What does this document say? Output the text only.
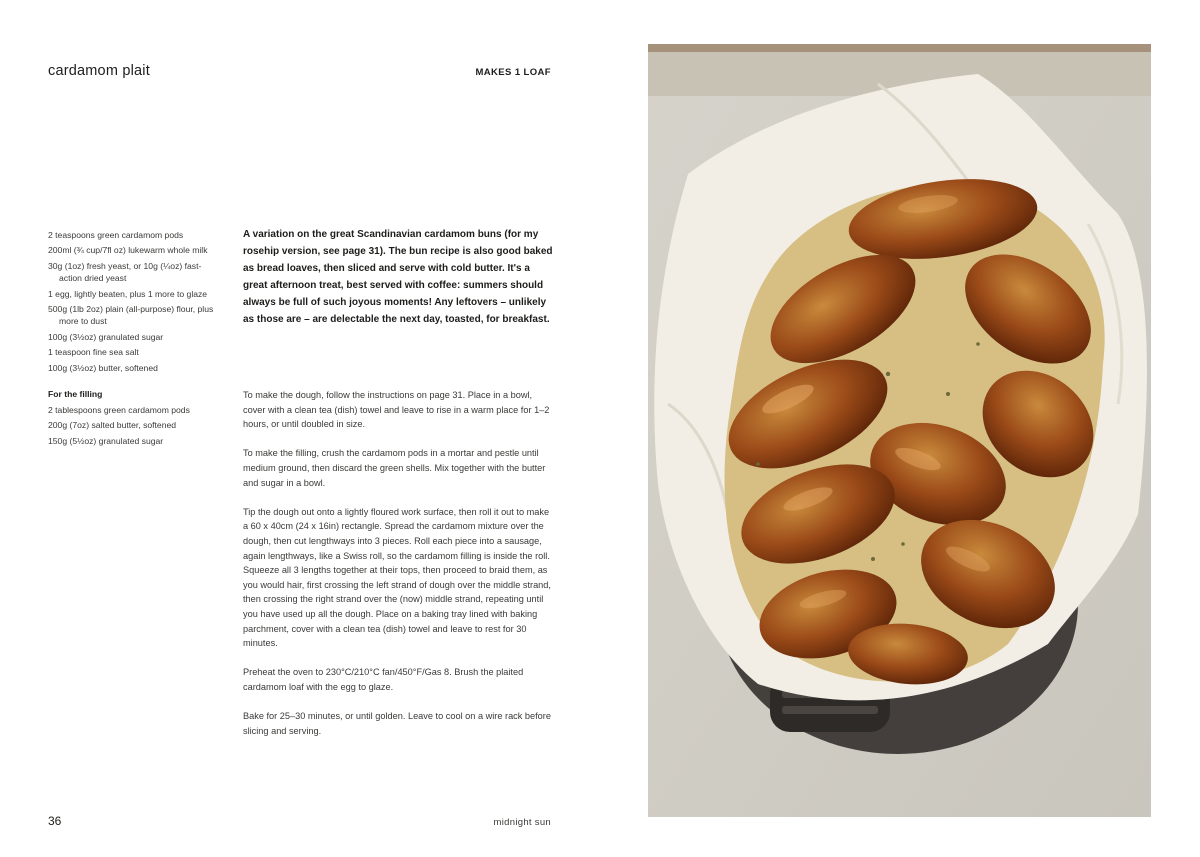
cardamom plait	MAKES 1 LOAF
2 teaspoons green cardamom pods
200ml (¾ cup/7fl oz) lukewarm whole milk
30g (1oz) fresh yeast, or 10g (¼oz) fast-action dried yeast
1 egg, lightly beaten, plus 1 more to glaze
500g (1lb 2oz) plain (all-purpose) flour, plus more to dust
100g (3½oz) granulated sugar
1 teaspoon fine sea salt
100g (3½oz) butter, softened
For the filling
2 tablespoons green cardamom pods
200g (7oz) salted butter, softened
150g (5½oz) granulated sugar
A variation on the great Scandinavian cardamom buns (for my rosehip version, see page 31). The bun recipe is also good baked as bread loaves, then sliced and serve with cold butter. It's a great afternoon treat, best served with coffee: summers should always be full of such joyous moments! Any leftovers – unlikely as those are – are delectable the next day, toasted, for breakfast.

To make the dough, follow the instructions on page 31. Place in a bowl, cover with a clean tea (dish) towel and leave to rise in a warm place for 1–2 hours, or until doubled in size.

To make the filling, crush the cardamom pods in a mortar and pestle until medium ground, then discard the green shells. Mix together with the butter and sugar in a bowl.

Tip the dough out onto a lightly floured work surface, then roll it out to make a 60 x 40cm (24 x 16in) rectangle. Spread the cardamom mixture over the dough, then cut lengthways into 3 pieces. Roll each piece into a sausage, again lengthways, like a Swiss roll, so the cardamom filling is inside the roll. Squeeze all 3 lengths together at their tops, then proceed to braid them, as you would hair, first crossing the left strand of dough over the middle strand, then crossing the right strand over the (now) middle strand, repeating until you have used up all the dough. Place on a baking tray lined with baking parchment, cover with a clean tea (dish) towel and leave to rest for 30 minutes.

Preheat the oven to 230°C/210°C fan/450°F/Gas 8. Brush the plaited cardamom loaf with the egg to glaze.

Bake for 25–30 minutes, or until golden. Leave to cool on a wire rack before slicing and serving.

36	midnight sun
